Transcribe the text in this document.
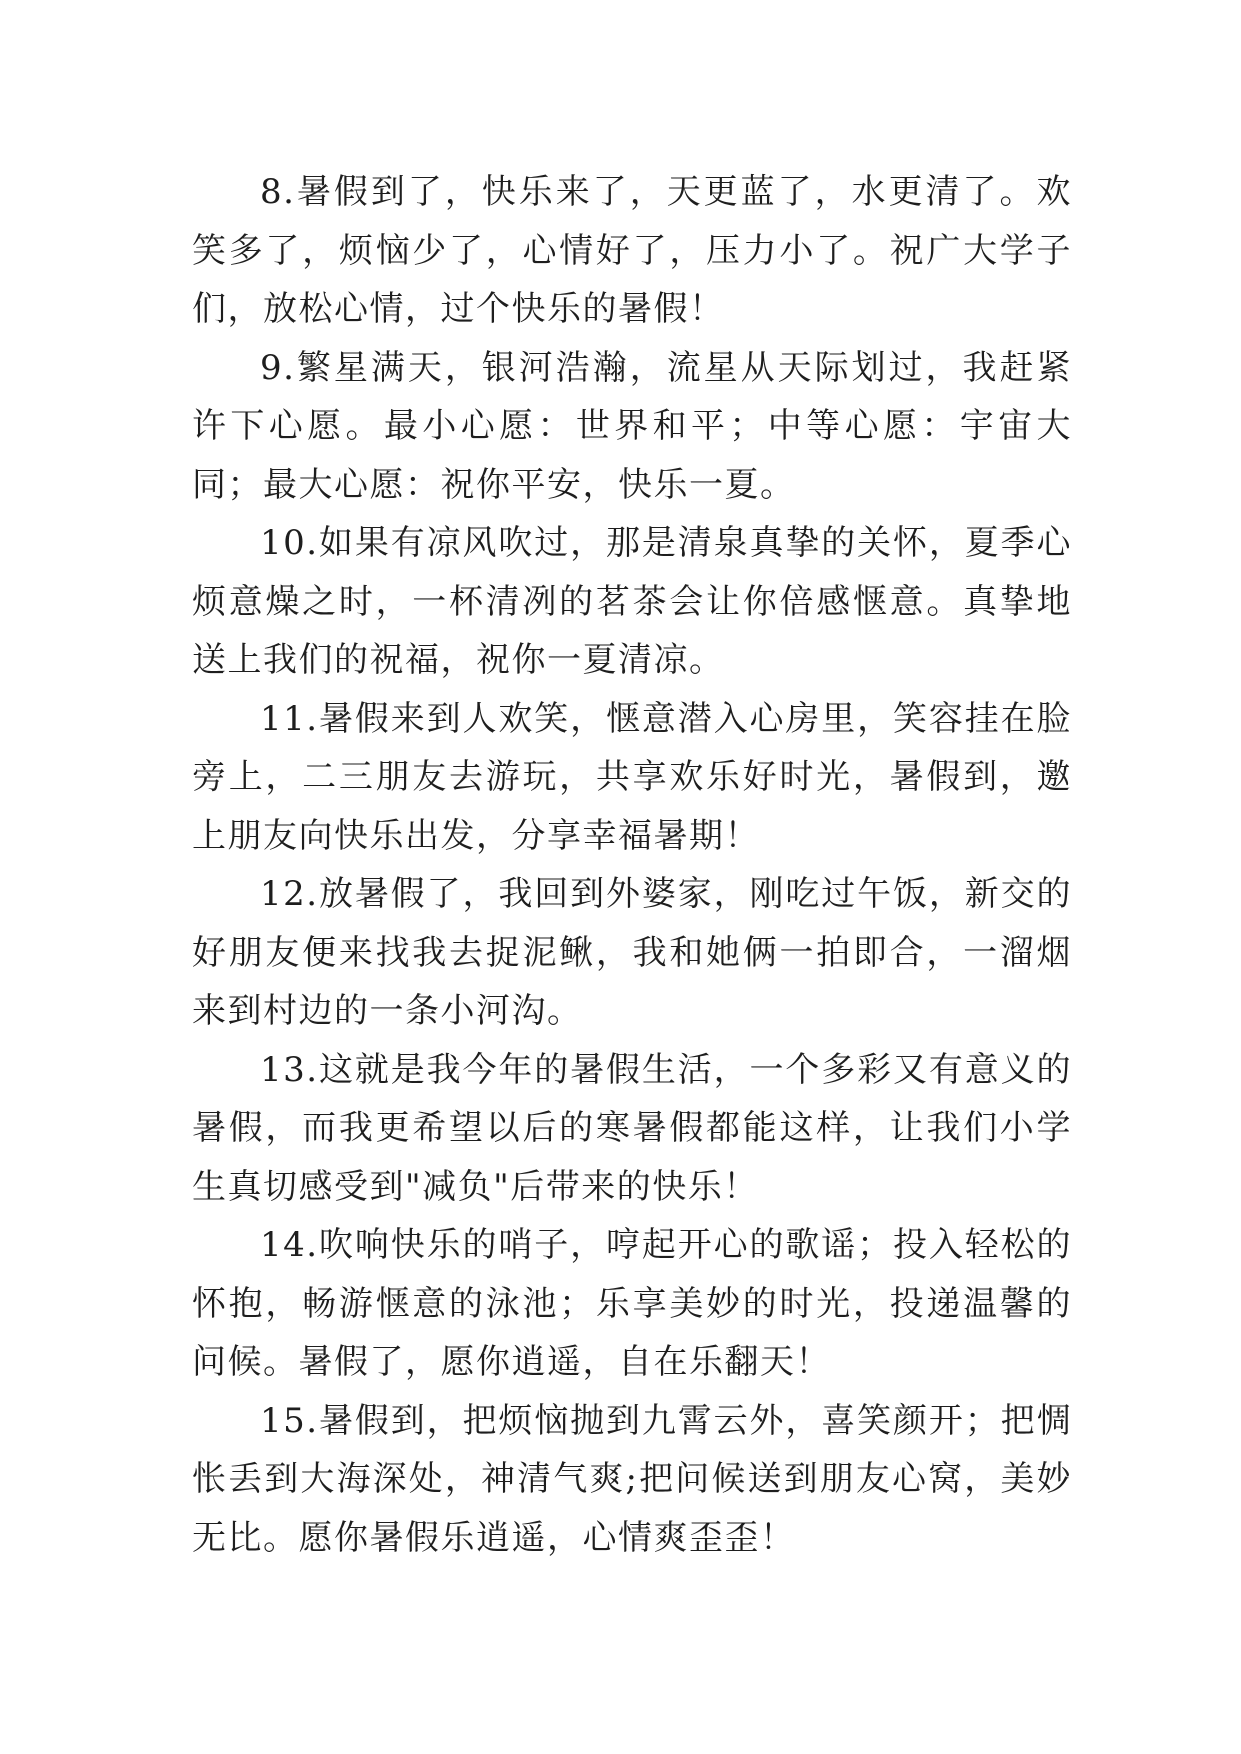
8.暑假到了，快乐来了，天更蓝了，水更清了。欢笑多了，烦恼少了，心情好了，压力小了。祝广大学子们，放松心情，过个快乐的暑假！

9.繁星满天，银河浩瀚，流星从天际划过，我赶紧许下心愿。最小心愿：世界和平；中等心愿：宇宙大同；最大心愿：祝你平安，快乐一夏。

10.如果有凉风吹过，那是清泉真挚的关怀，夏季心烦意燥之时，一杯清冽的茗茶会让你倍感惬意。真挚地送上我们的祝福，祝你一夏清凉。

11.暑假来到人欢笑，惬意潜入心房里，笑容挂在脸旁上，二三朋友去游玩，共享欢乐好时光，暑假到，邀上朋友向快乐出发，分享幸福暑期！

12.放暑假了，我回到外婆家，刚吃过午饭，新交的好朋友便来找我去捉泥鳅，我和她俩一拍即合，一溜烟来到村边的一条小河沟。

13.这就是我今年的暑假生活，一个多彩又有意义的暑假，而我更希望以后的寒暑假都能这样，让我们小学生真切感受到"减负"后带来的快乐！

14.吹响快乐的哨子，哼起开心的歌谣；投入轻松的怀抱，畅游惬意的泳池；乐享美妙的时光，投递温馨的问候。暑假了，愿你逍遥，自在乐翻天！

15.暑假到，把烦恼抛到九霄云外，喜笑颜开；把惆怅丢到大海深处，神清气爽;把问候送到朋友心窝，美妙无比。愿你暑假乐逍遥，心情爽歪歪！
